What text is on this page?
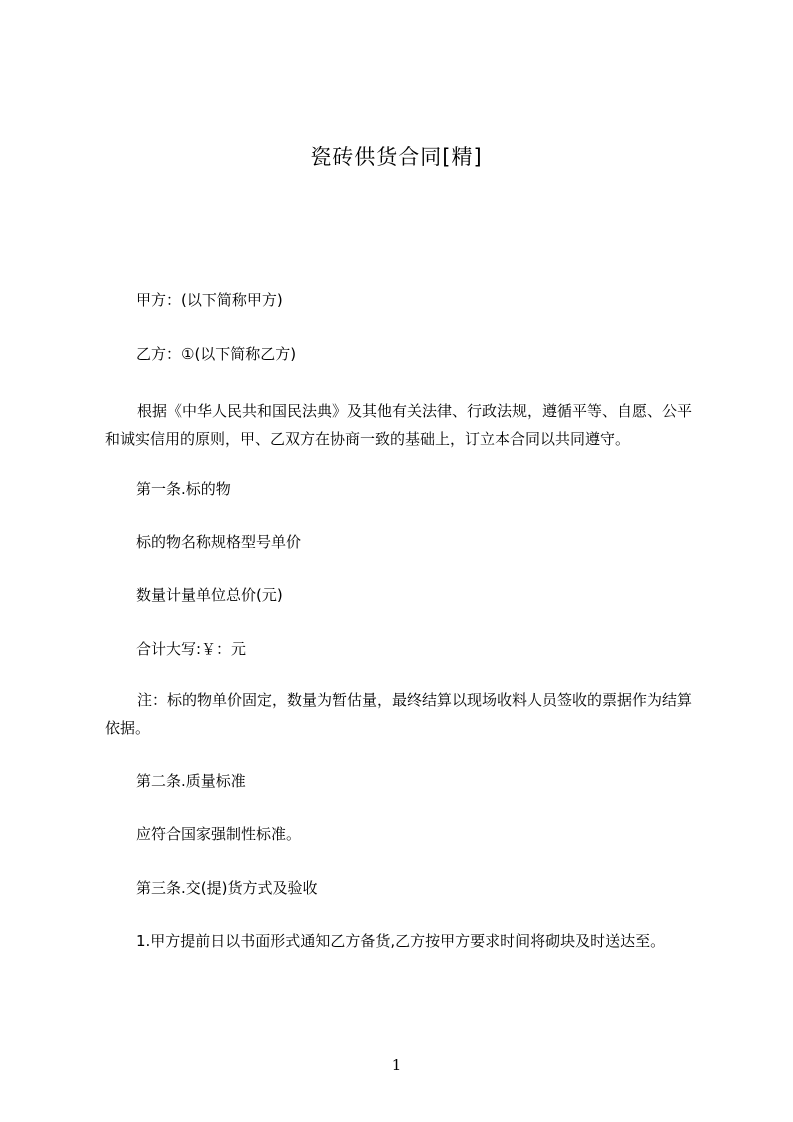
瓷砖供货合同[精]
甲方：(以下简称甲方)
乙方：①(以下简称乙方)

根据《中华人民共和国民法典》及其他有关法律、行政法规，遵循平等、自愿、公平和诚实信用的原则，甲、乙双方在协商一致的基础上，订立本合同以共同遵守。

第一条.标的物
标的物名称规格型号单价
数量计量单位总价(元)
合计大写:￥：元

注：标的物单价固定，数量为暂估量，最终结算以现场收料人员签收的票据作为结算依据。

第二条.质量标准
应符合国家强制性标准。
第三条.交(提)货方式及验收
1.甲方提前日以书面形式通知乙方备货,乙方按甲方要求时间将砌块及时送达至。
1
